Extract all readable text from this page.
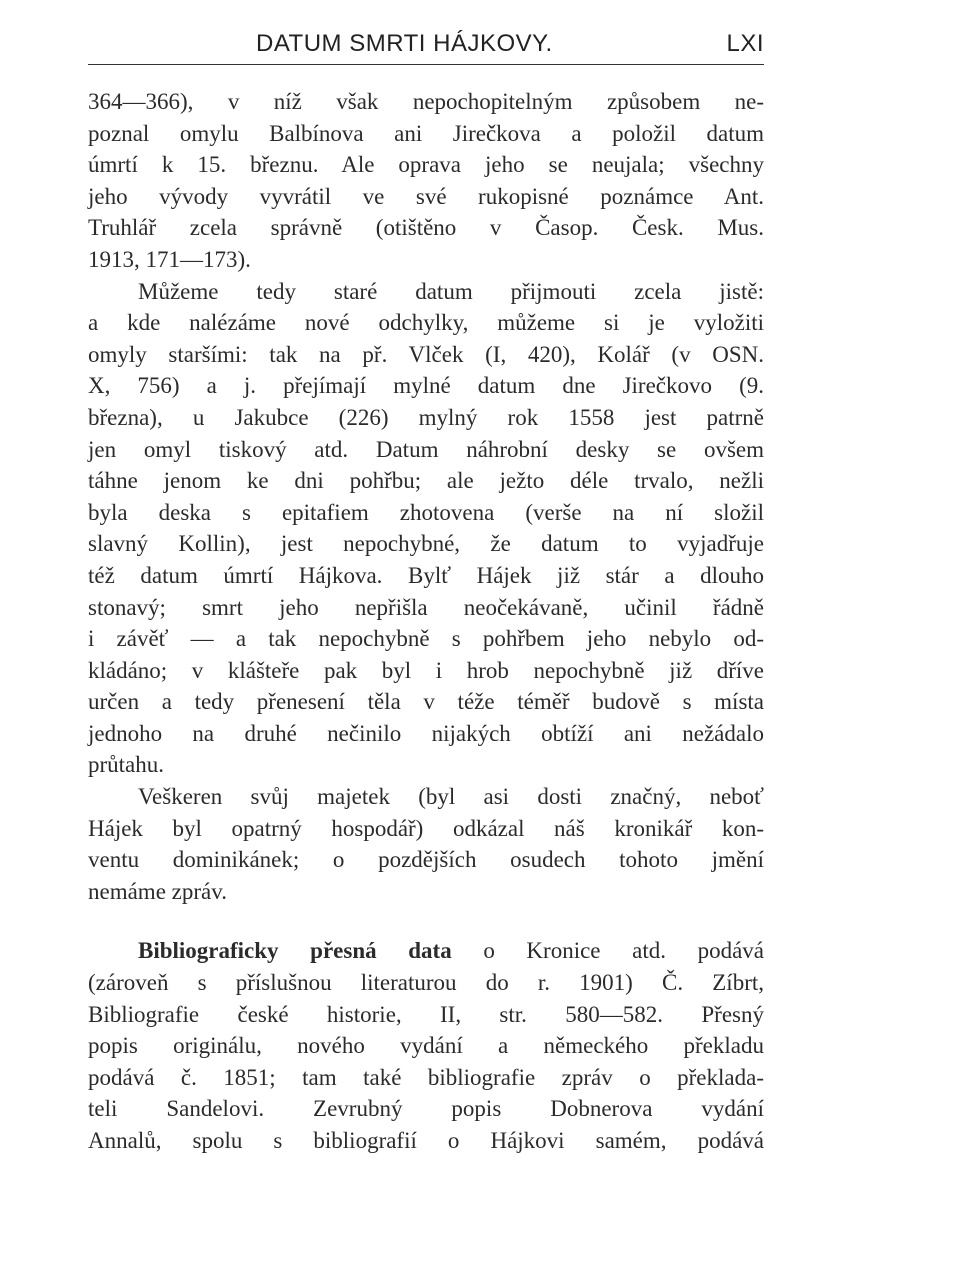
DATUM SMRTI HÁJKOVY.	LXI
364—366), v níž však nepochopitelným způsobem ne-
poznal omylu Balbínova ani Jirečkova a položil datum
úmrtí k 15. březnu. Ale oprava jeho se neujala; všechny
jeho vývody vyvrátil ve své rukopisné poznámce Ant.
Truhlář zcela správně (otištěno v Časop. Česk. Mus.
1913, 171—173).
Můžeme tedy staré datum přijmouti zcela jistě:
a kde nalézáme nové odchylky, můžeme si je vyložiti
omyly staršími: tak na př. Vlček (I, 420), Kolář (v OSN.
X, 756) a j. přejímají mylné datum dne Jirečkovo (9.
března), u Jakubce (226) mylný rok 1558 jest patrně
jen omyl tiskový atd. Datum náhrobní desky se ovšem
táhne jenom ke dni pohřbu; ale ježto déle trvalo, nežli
byla deska s epitafiem zhotovena (verše na ní složil
slavný Kollin), jest nepochybné, že datum to vyjadřuje
též datum úmrtí Hájkova. Bylť Hájek již stár a dlouho
stonavý; smrt jeho nepřišla neočekávaně, učinil řádně
i závěť — a tak nepochybně s pohřbem jeho nebylo od-
kládáno; v klášteře pak byl i hrob nepochybně již dříve
určen a tedy přenesení těla v téže téměř budově s místa
jednoho na druhé nečinilo nijakých obtíží ani nežádalo
průtahu.
Veškeren svůj majetek (byl asi dosti značný, neboť
Hájek byl opatrný hospodář) odkázal náš kronikář kon-
ventu dominikánek; o pozdějších osudech tohoto jmění
nemáme zpráv.
Bibliograficky přesná data o Kronice atd. podává
(zároveň s příslušnou literaturou do r. 1901) Č. Zíbrt,
Bibliografie české historie, II, str. 580—582. Přesný
popis originálu, nového vydání a německého překladu
podává č. 1851; tam také bibliografie zpráv o překlada-
teli Sandelovi. Zevrubný popis Dobnerova vydání
Annalů, spolu s bibliografií o Hájkovi samém, podává
